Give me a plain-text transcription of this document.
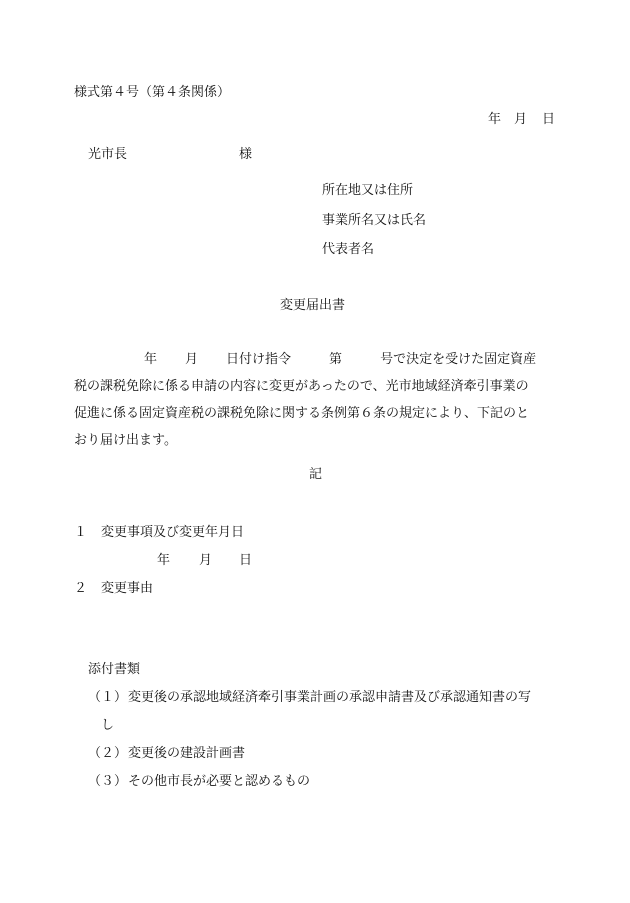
様式第４号（第４条関係）
年 月 日
光市長	様
所在地又は住所
事業所名又は氏名
代表者名
変更届出書
年 月 日付け指令	第	号で決定を受けた固定資産
税の課税免除に係る申請の内容に変更があったので、光市地域経済牽引事業の
促進に係る固定資産税の課税免除に関する条例第６条の規定により、下記のと
おり届け出ます。
記
１ 変更事項及び変更年月日
年 月 日
２ 変更事由
添付書類
（１） 変更後の承認地域経済牽引事業計画の承認申請書及び承認通知書の写
し
（２） 変更後の建設計画書
（３） その他市長が必要と認めるもの
